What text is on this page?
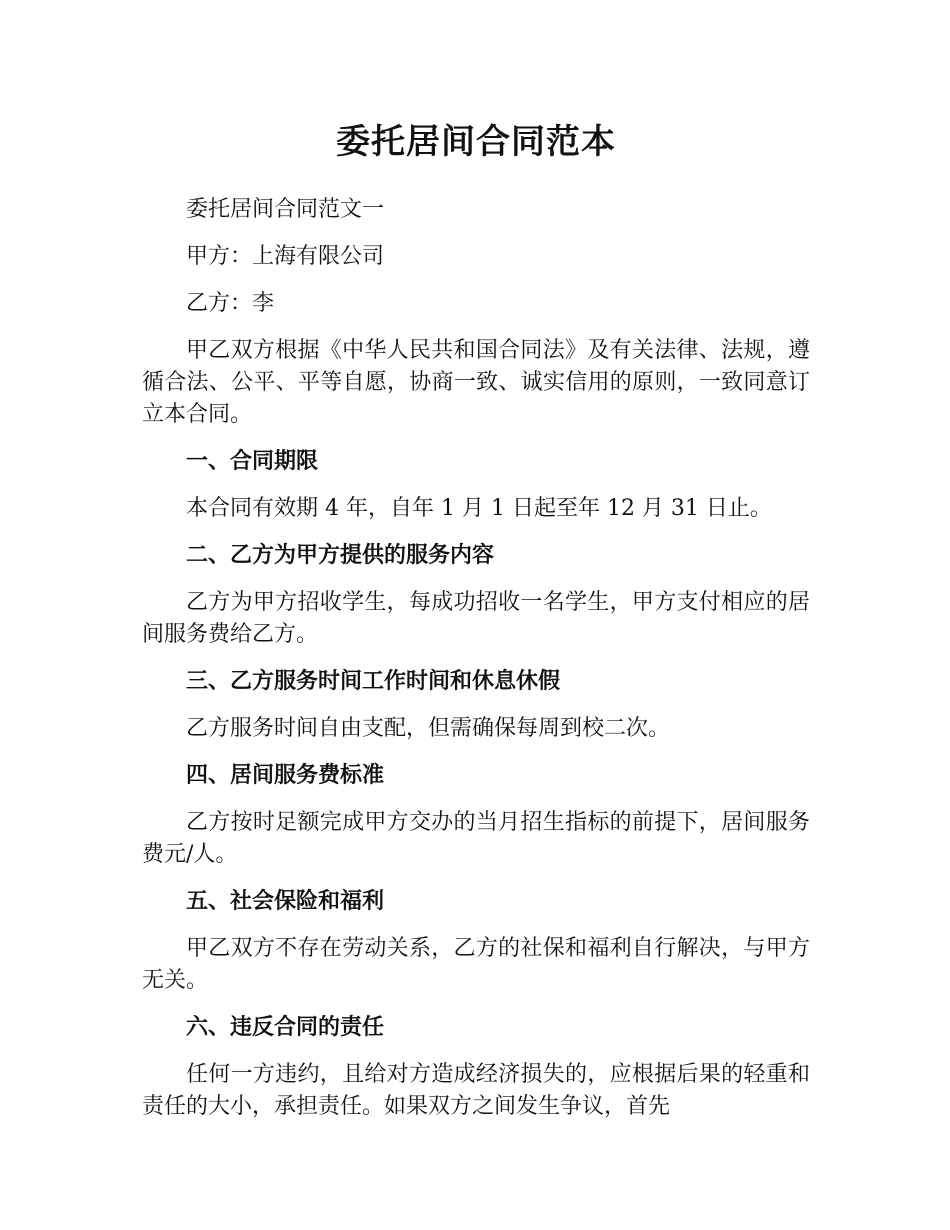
委托居间合同范本

委托居间合同范文一

甲方：上海有限公司

乙方：李

甲乙双方根据《中华人民共和国合同法》及有关法律、法规，遵循合法、公平、平等自愿，协商一致、诚实信用的原则，一致同意订立本合同。

一、合同期限

本合同有效期 4 年，自年 1 月 1 日起至年 12 月 31 日止。

二、乙方为甲方提供的服务内容

乙方为甲方招收学生，每成功招收一名学生，甲方支付相应的居间服务费给乙方。

三、乙方服务时间工作时间和休息休假

乙方服务时间自由支配，但需确保每周到校二次。

四、居间服务费标准

乙方按时足额完成甲方交办的当月招生指标的前提下，居间服务费元/人。

五、社会保险和福利

甲乙双方不存在劳动关系，乙方的社保和福利自行解决，与甲方无关。

六、违反合同的责任

任何一方违约，且给对方造成经济损失的，应根据后果的轻重和责任的大小，承担责任。如果双方之间发生争议，首先
